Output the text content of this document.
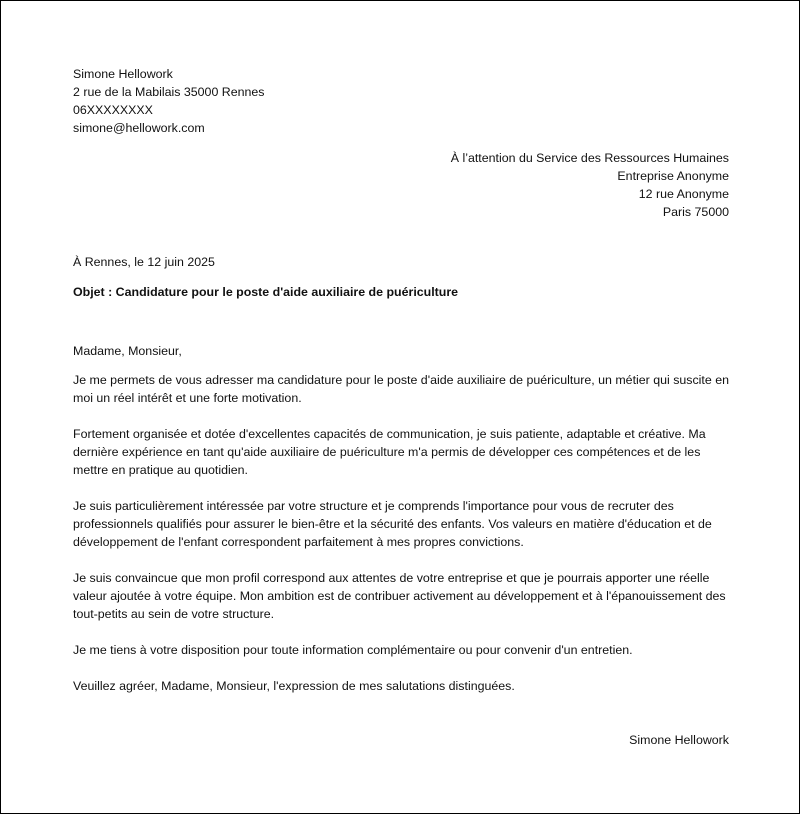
Simone Hellowork
2 rue de la Mabilais 35000 Rennes
06XXXXXXXX
simone@hellowork.com
À l’attention du Service des Ressources Humaines
Entreprise Anonyme
12 rue Anonyme
Paris 75000
À Rennes, le 12 juin 2025
Objet : Candidature pour le poste d'aide auxiliaire de puériculture
Madame, Monsieur,

Je me permets de vous adresser ma candidature pour le poste d'aide auxiliaire de puériculture, un métier qui suscite en moi un réel intérêt et une forte motivation.

Fortement organisée et dotée d'excellentes capacités de communication, je suis patiente, adaptable et créative. Ma dernière expérience en tant qu'aide auxiliaire de puériculture m'a permis de développer ces compétences et de les mettre en pratique au quotidien.

Je suis particulièrement intéressée par votre structure et je comprends l'importance pour vous de recruter des professionnels qualifiés pour assurer le bien-être et la sécurité des enfants. Vos valeurs en matière d'éducation et de développement de l'enfant correspondent parfaitement à mes propres convictions.

Je suis convaincue que mon profil correspond aux attentes de votre entreprise et que je pourrais apporter une réelle valeur ajoutée à votre équipe. Mon ambition est de contribuer activement au développement et à l'épanouissement des tout-petits au sein de votre structure.

Je me tiens à votre disposition pour toute information complémentaire ou pour convenir d'un entretien.

Veuillez agréer, Madame, Monsieur, l'expression de mes salutations distinguées.

Simone Hellowork
